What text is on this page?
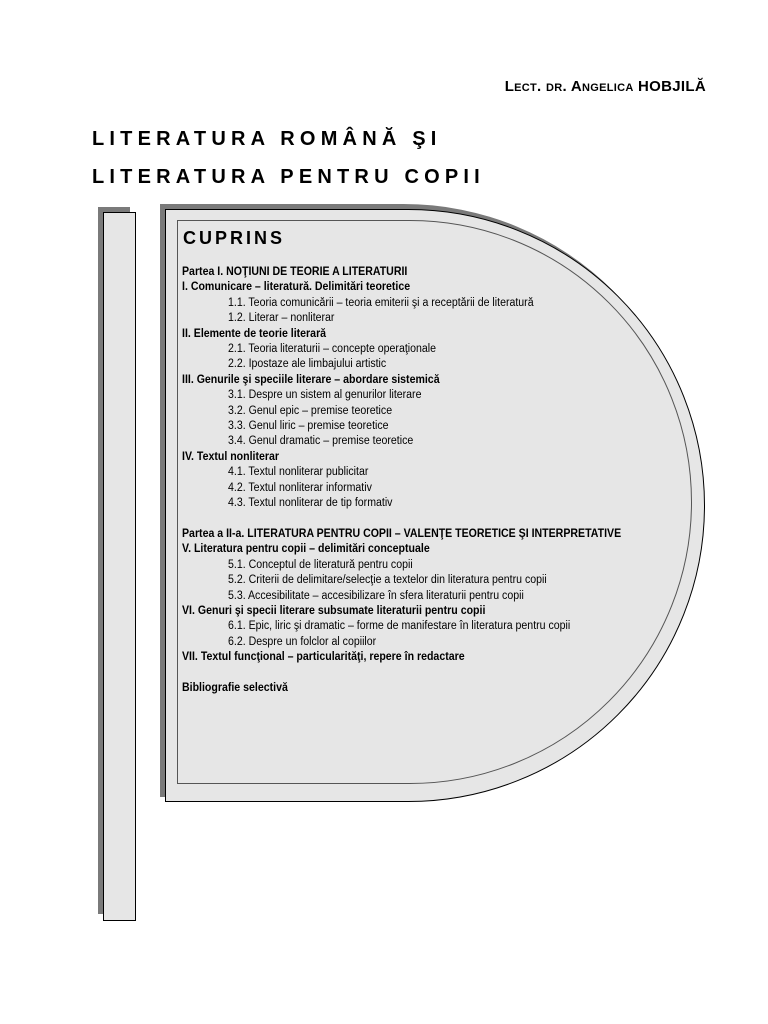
Lect. dr. Angelica HOBJILĂ
LITERATURA ROMÂNĂ ŞI
LITERATURA PENTRU COPII
CUPRINS
Partea I. NOŢIUNI DE TEORIE A LITERATURII
I. Comunicare – literatură. Delimitări teoretice
1.1. Teoria comunicării – teoria emiterii şi a receptării de literatură
1.2. Literar – nonliterar
II. Elemente de teorie literară
2.1. Teoria literaturii – concepte operaţionale
2.2. Ipostaze ale limbajului artistic
III. Genurile şi speciile literare – abordare sistemică
3.1. Despre un sistem al genurilor literare
3.2. Genul epic – premise teoretice
3.3. Genul liric – premise teoretice
3.4. Genul dramatic – premise teoretice
IV. Textul nonliterar
4.1. Textul nonliterar publicitar
4.2. Textul nonliterar informativ
4.3. Textul nonliterar de tip formativ
Partea a II-a. LITERATURA PENTRU COPII – VALENŢE TEORETICE ŞI INTERPRETATIVE
V. Literatura pentru copii – delimitări conceptuale
5.1. Conceptul de literatură pentru copii
5.2. Criterii de delimitare/selecţie a textelor din literatura pentru copii
5.3. Accesibilitate – accesibilizare în sfera literaturii pentru copii
VI. Genuri şi specii literare subsumate literaturii pentru copii
6.1. Epic, liric şi dramatic – forme de manifestare în literatura pentru copii
6.2. Despre un folclor al copiilor
VII. Textul funcţional – particularităţi, repere în redactare
Bibliografie selectivă
